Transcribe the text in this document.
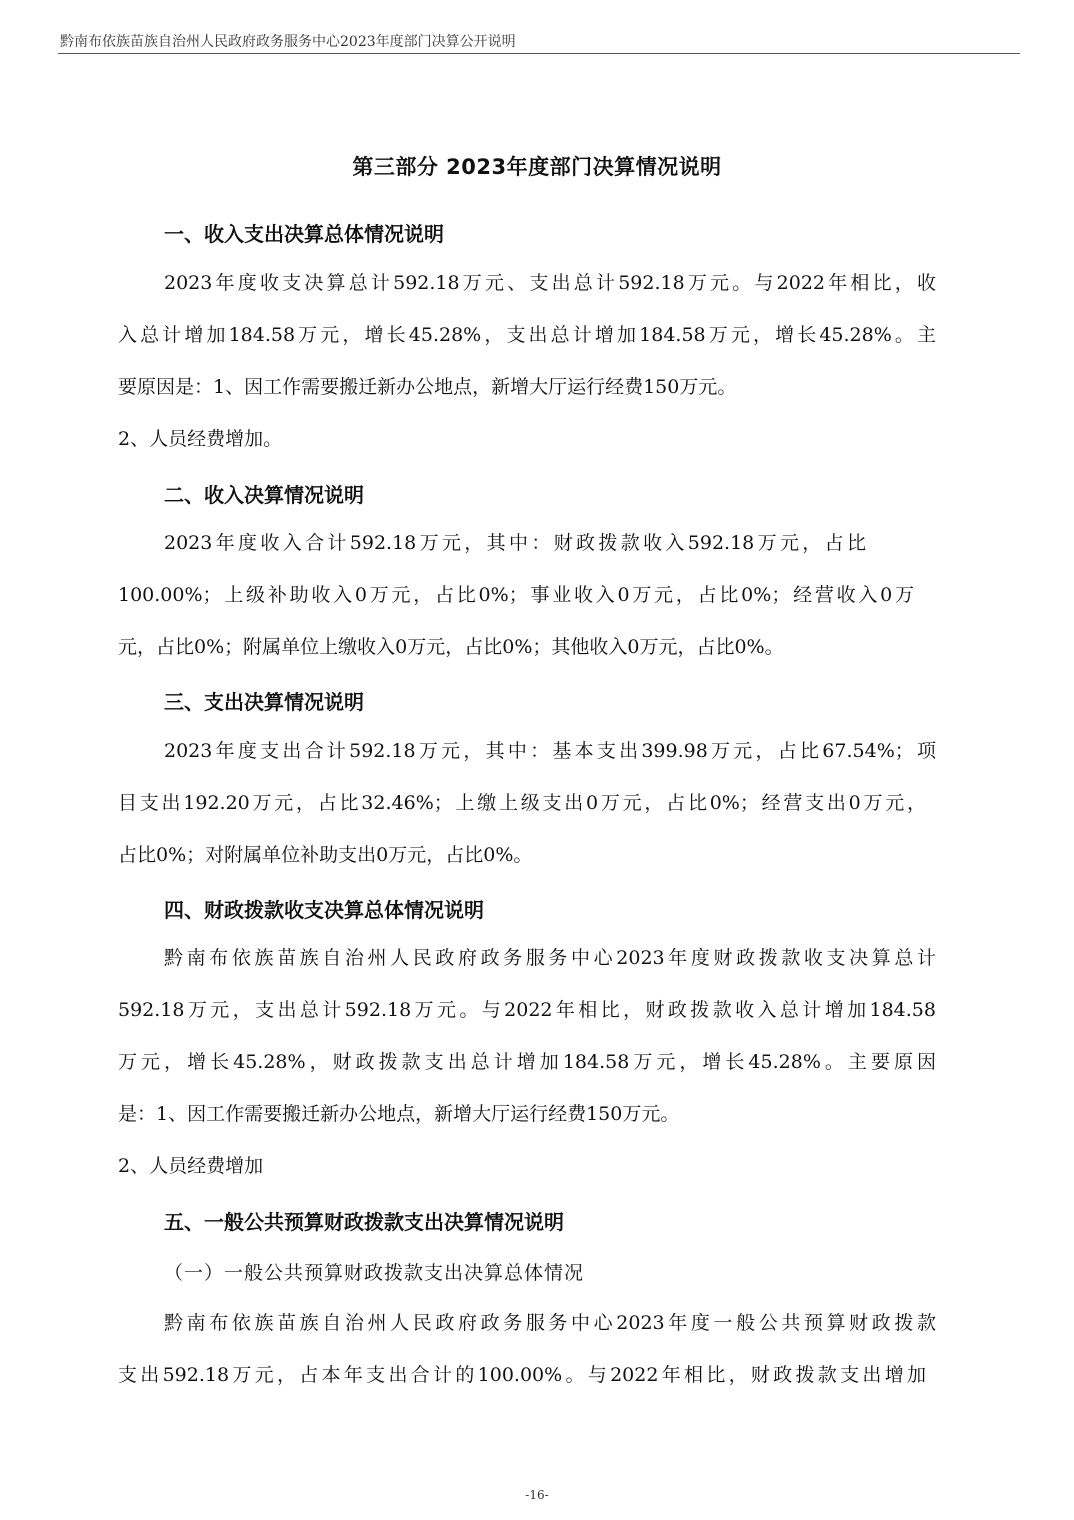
黔南布依族苗族自治州人民政府政务服务中心2023年度部门决算公开说明
第三部分 2023年度部门决算情况说明
一、收入支出决算总体情况说明
2023年度收支决算总计592.18万元、支出总计592.18万元。与2022年相比，收
入总计增加184.58万元，增长45.28%，支出总计增加184.58万元，增长45.28%。主
要原因是：1、因工作需要搬迁新办公地点，新增大厅运行经费150万元。
2、人员经费增加。
二、收入决算情况说明
2023年度收入合计592.18万元，其中：财政拨款收入592.18万元，占比
100.00%；上级补助收入0万元，占比0%；事业收入0万元，占比0%；经营收入0万
元，占比0%；附属单位上缴收入0万元，占比0%；其他收入0万元，占比0%。
三、支出决算情况说明
2023年度支出合计592.18万元，其中：基本支出399.98万元，占比67.54%；项
目支出192.20万元，占比32.46%；上缴上级支出0万元，占比0%；经营支出0万元，
占比0%；对附属单位补助支出0万元，占比0%。
四、财政拨款收支决算总体情况说明
黔南布依族苗族自治州人民政府政务服务中心2023年度财政拨款收支决算总计
592.18万元，支出总计592.18万元。与2022年相比，财政拨款收入总计增加184.58
万元，增长45.28%，财政拨款支出总计增加184.58万元，增长45.28%。主要原因
是：1、因工作需要搬迁新办公地点，新增大厅运行经费150万元。
2、人员经费增加
五、一般公共预算财政拨款支出决算情况说明
（一）一般公共预算财政拨款支出决算总体情况
黔南布依族苗族自治州人民政府政务服务中心2023年度一般公共预算财政拨款
支出592.18万元，占本年支出合计的100.00%。与2022年相比，财政拨款支出增加
-16-
